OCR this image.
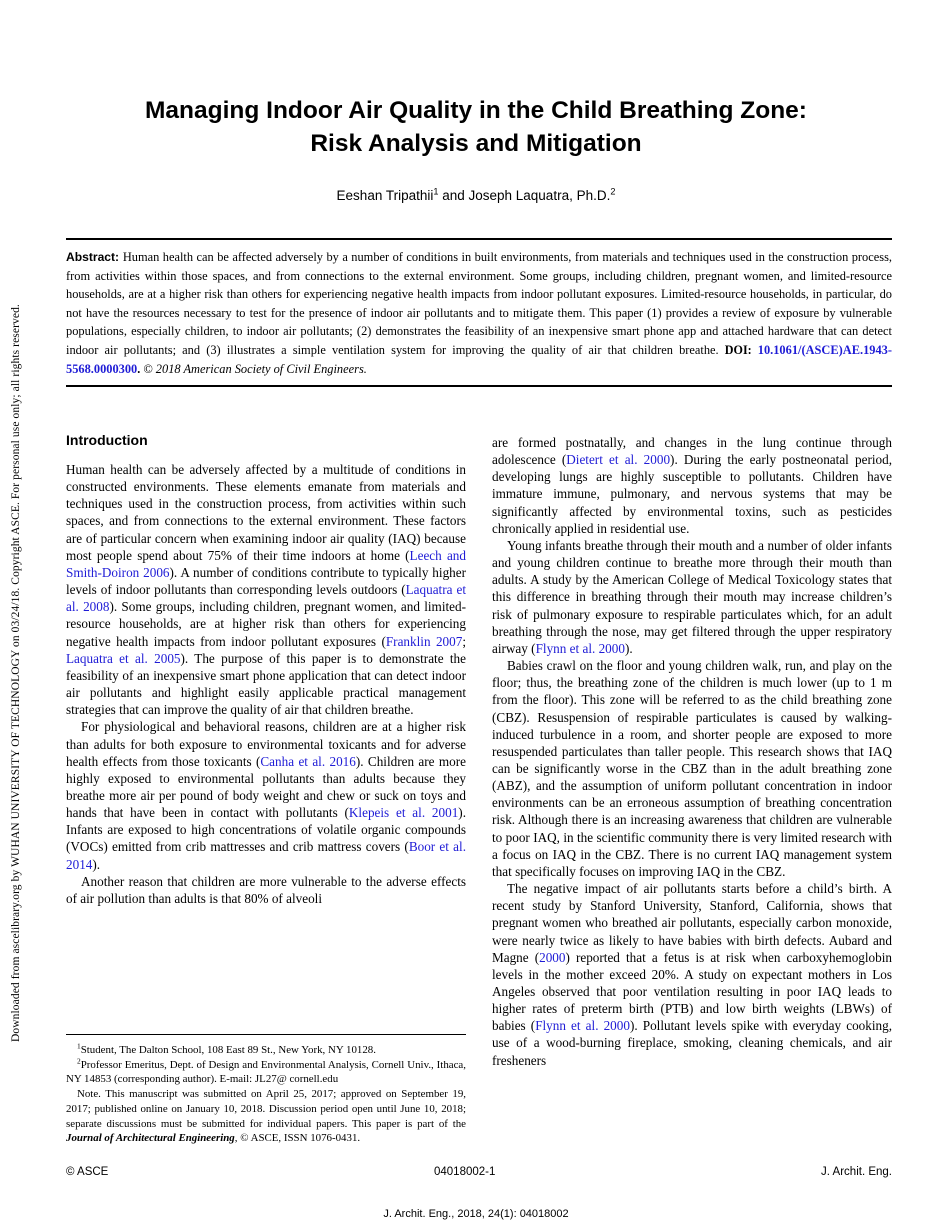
Downloaded from ascelibrary.org by WUHAN UNIVERSITY OF TECHNOLOGY on 03/24/18. Copyright ASCE. For personal use only; all rights reserved.
Managing Indoor Air Quality in the Child Breathing Zone:
Risk Analysis and Mitigation
Eeshan Tripathii$^1$ and Joseph Laquatra, Ph.D.$^2$

Abstract: Human health can be affected adversely by a number of conditions in built environments, from materials and techniques used in the construction process, from activities within those spaces, and from connections to the external environment. Some groups, including children, pregnant women, and limited-resource households, are at a higher risk than others for experiencing negative health impacts from indoor pollutant exposures. Limited-resource households, in particular, do not have the resources necessary to test for the presence of indoor air pollutants and to mitigate them. This paper (1) provides a review of exposure by vulnerable populations, especially children, to indoor air pollutants; (2) demonstrates the feasibility of an inexpensive smart phone app and attached hardware that can detect indoor air pollutants; and (3) illustrates a simple ventilation system for improving the quality of air that children breathe. DOI: 10.1061/(ASCE)AE.1943-5568.0000300. © 2018 American Society of Civil Engineers.

Introduction

Human health can be adversely affected by a multitude of conditions in constructed environments. These elements emanate from materials and techniques used in the construction process, from activities within such spaces, and from connections to the external environment. These factors are of particular concern when examining indoor air quality (IAQ) because most people spend about 75% of their time indoors at home (Leech and Smith-Doiron 2006). A number of conditions contribute to typically higher levels of indoor pollutants than corresponding levels outdoors (Laquatra et al. 2008). Some groups, including children, pregnant women, and limited-resource households, are at higher risk than others for experiencing negative health impacts from indoor pollutant exposures (Franklin 2007; Laquatra et al. 2005). The purpose of this paper is to demonstrate the feasibility of an inexpensive smart phone application that can detect indoor air pollutants and highlight easily applicable practical management strategies that can improve the quality of air that children breathe.

For physiological and behavioral reasons, children are at a higher risk than adults for both exposure to environmental toxicants and for adverse health effects from those toxicants (Canha et al. 2016). Children are more highly exposed to environmental pollutants than adults because they breathe more air per pound of body weight and chew or suck on toys and hands that have been in contact with pollutants (Klepeis et al. 2001). Infants are exposed to high concentrations of volatile organic compounds (VOCs) emitted from crib mattresses and crib mattress covers (Boor et al. 2014).

Another reason that children are more vulnerable to the adverse effects of air pollution than adults is that 80% of alveoli

$^1$Student, The Dalton School, 108 East 89 St., New York, NY 10128.

$^2$Professor Emeritus, Dept. of Design and Environmental Analysis, Cornell Univ., Ithaca, NY 14853 (corresponding author). E-mail: JL27@ cornell.edu

Note. This manuscript was submitted on April 25, 2017; approved on September 19, 2017; published online on January 10, 2018. Discussion period open until June 10, 2018; separate discussions must be submitted for individual papers. This paper is part of the Journal of Architectural Engineering, © ASCE, ISSN 1076-0431.

are formed postnatally, and changes in the lung continue through adolescence (Dietert et al. 2000). During the early postneonatal period, developing lungs are highly susceptible to pollutants. Children have immature immune, pulmonary, and nervous systems that may be significantly affected by environmental toxins, such as pesticides chronically applied in residential use.

Young infants breathe through their mouth and a number of older infants and young children continue to breathe more through their mouth than adults. A study by the American College of Medical Toxicology states that this difference in breathing through their mouth may increase children’s risk of pulmonary exposure to respirable particulates which, for an adult breathing through the nose, may get filtered through the upper respiratory airway (Flynn et al. 2000).

Babies crawl on the floor and young children walk, run, and play on the floor; thus, the breathing zone of the children is much lower (up to 1 m from the floor). This zone will be referred to as the child breathing zone (CBZ). Resuspension of respirable particulates is caused by walking-induced turbulence in a room, and shorter people are exposed to more resuspended particulates than taller people. This research shows that IAQ can be significantly worse in the CBZ than in the adult breathing zone (ABZ), and the assumption of uniform pollutant concentration in indoor environments can be an erroneous assumption of breathing concentration risk. Although there is an increasing awareness that children are vulnerable to poor IAQ, in the scientific community there is very limited research with a focus on IAQ in the CBZ. There is no current IAQ management system that specifically focuses on improving IAQ in the CBZ.

The negative impact of air pollutants starts before a child’s birth. A recent study by Stanford University, Stanford, California, shows that pregnant women who breathed air pollutants, especially carbon monoxide, were nearly twice as likely to have babies with birth defects. Aubard and Magne (2000) reported that a fetus is at risk when carboxyhemoglobin levels in the mother exceed 20%. A study on expectant mothers in Los Angeles observed that poor ventilation resulting in poor IAQ leads to higher rates of preterm birth (PTB) and low birth weights (LBWs) of babies (Flynn et al. 2000). Pollutant levels spike with everyday cooking, use of a wood-burning fireplace, smoking, cleaning chemicals, and air fresheners

© ASCE	04018002-1	J. Archit. Eng.
J. Archit. Eng., 2018, 24(1): 04018002
